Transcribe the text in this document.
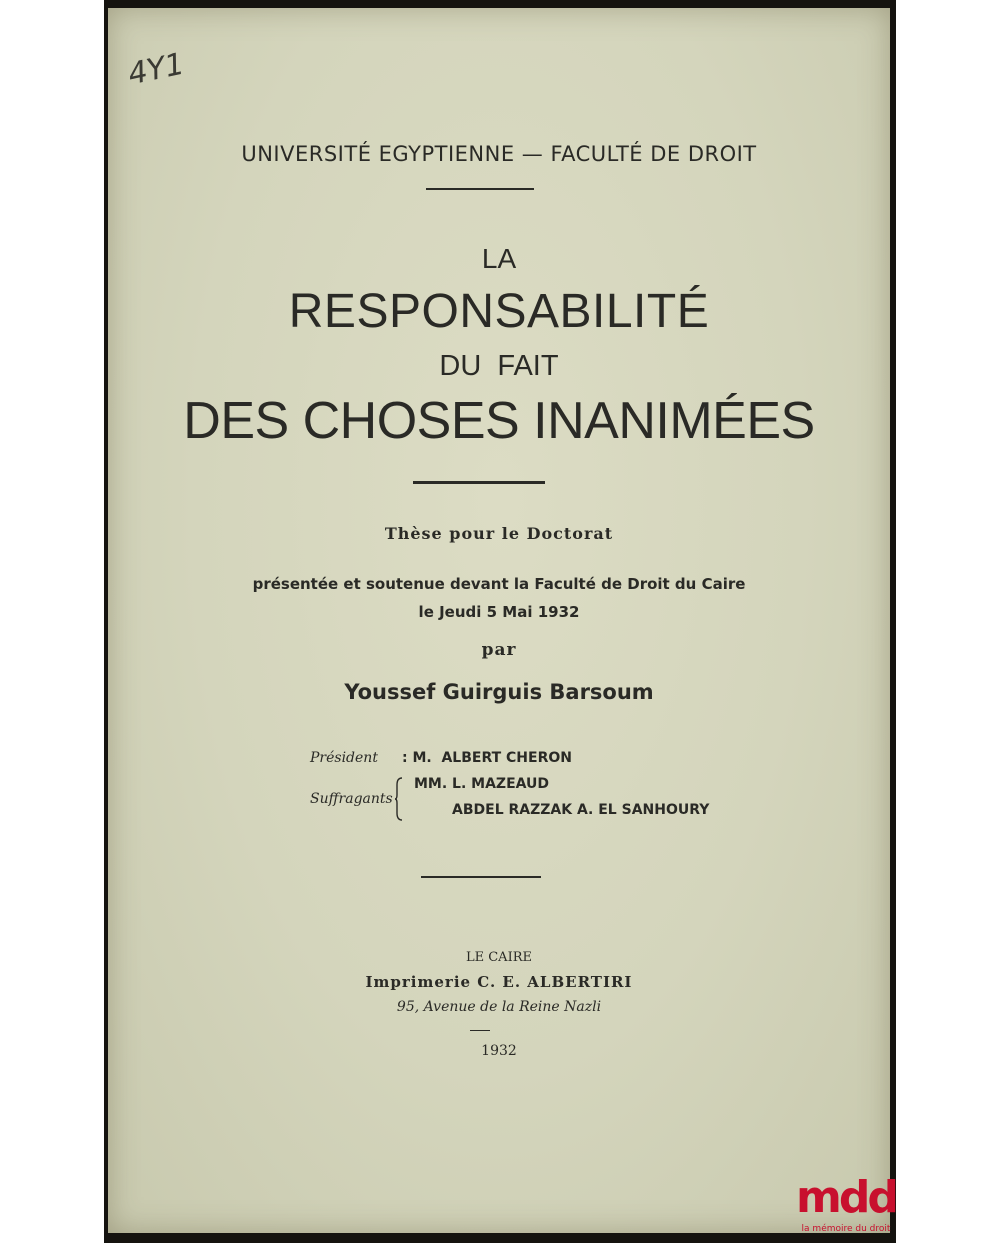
4Y1
UNIVERSITÉ EGYPTIENNE — FACULTÉ DE DROIT
LA
RESPONSABILITÉ
DU FAIT
DES CHOSES INANIMÉES
Thèse pour le Doctorat
présentée et soutenue devant la Faculté de Droit du Caire
le Jeudi 5 Mai 1932
par
Youssef Guirguis Barsoum
Président : M.  ALBERT CHERON
Suffragants
MM. L. MAZEAUD
ABDEL RAZZAK A. EL SANHOURY
LE CAIRE
Imprimerie C. E. ALBERTIRI
95, Avenue de la Reine Nazli
1932
mdd
la mémoire du droit
